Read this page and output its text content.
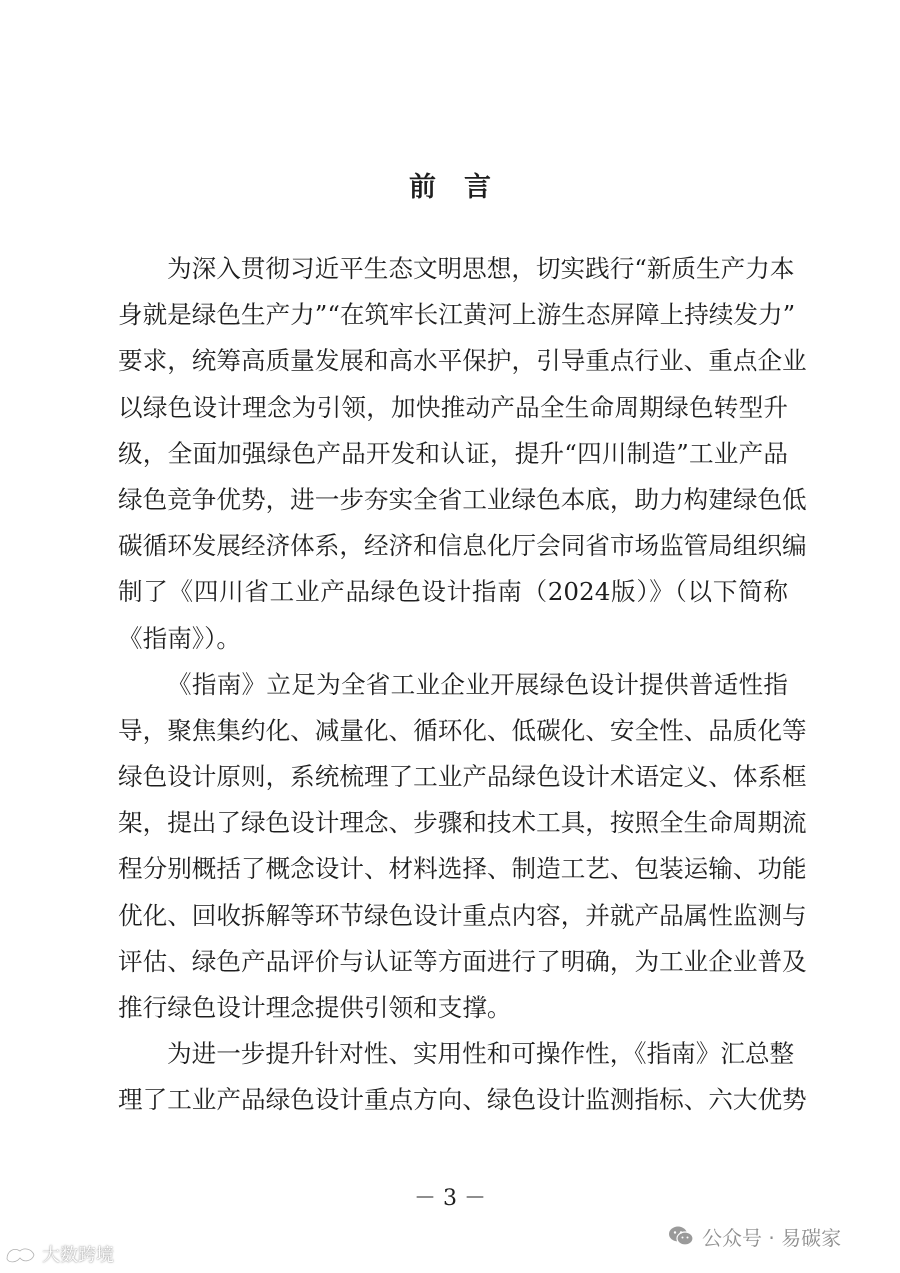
前言
为深入贯彻习近平生态文明思想，切实践行“新质生产力本
身就是绿色生产力”“在筑牢长江黄河上游生态屏障上持续发力”
要求，统筹高质量发展和高水平保护，引导重点行业、重点企业
以绿色设计理念为引领，加快推动产品全生命周期绿色转型升
级，全面加强绿色产品开发和认证，提升“四川制造”工业产品
绿色竞争优势，进一步夯实全省工业绿色本底，助力构建绿色低
碳循环发展经济体系，经济和信息化厅会同省市场监管局组织编
制了《四川省工业产品绿色设计指南（2024版）》（以下简称
《指南》）。
《指南》立足为全省工业企业开展绿色设计提供普适性指
导，聚焦集约化、减量化、循环化、低碳化、安全性、品质化等
绿色设计原则，系统梳理了工业产品绿色设计术语定义、体系框
架，提出了绿色设计理念、步骤和技术工具，按照全生命周期流
程分别概括了概念设计、材料选择、制造工艺、包装运输、功能
优化、回收拆解等环节绿色设计重点内容，并就产品属性监测与
评估、绿色产品评价与认证等方面进行了明确，为工业企业普及
推行绿色设计理念提供引领和支撑。
为进一步提升针对性、实用性和可操作性，《指南》汇总整
理了工业产品绿色设计重点方向、绿色设计监测指标、六大优势
－ 3 －
公众号 · 易碳家
大数跨境
